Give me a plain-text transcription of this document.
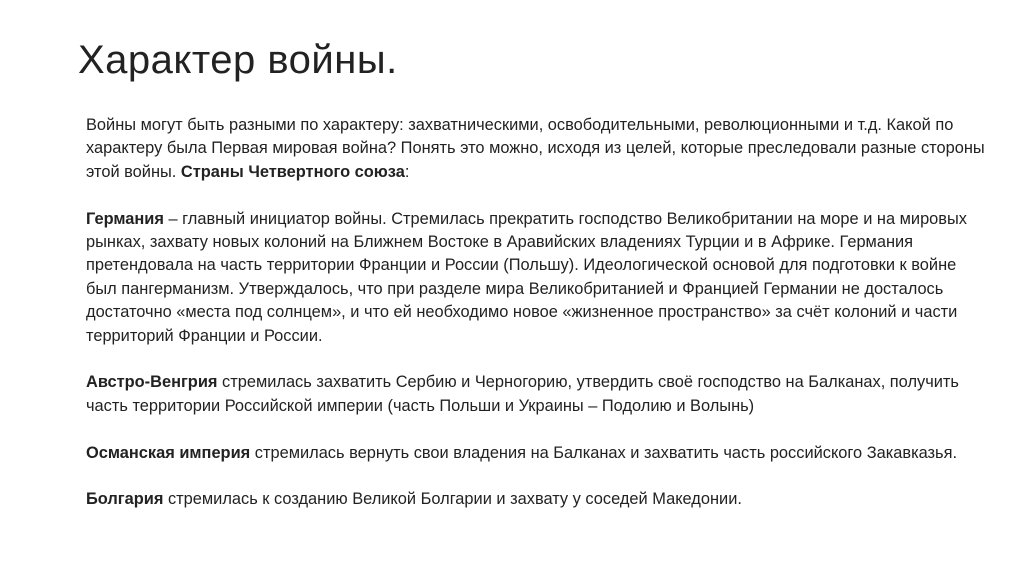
Характер войны.

Войны могут быть разными по характеру: захватническими, освободительными, революционными и т.д. Какой по характеру была Первая мировая война? Понять это можно, исходя из целей, которые преследовали разные стороны этой войны. Страны Четвертного союза:

Германия – главный инициатор войны. Стремилась прекратить господство Великобритании на море и на мировых рынках, захвату новых колоний на Ближнем Востоке в Аравийских владениях Турции и в Африке. Германия претендовала на часть территории Франции и России (Польшу). Идеологической основой для подготовки к войне был пангерманизм. Утверждалось, что при разделе мира Великобританией и Францией Германии не досталось достаточно «места под солнцем», и что ей необходимо новое «жизненное пространство» за счёт колоний и части территорий Франции и России.

Австро-Венгрия стремилась захватить Сербию и Черногорию, утвердить своё господство на Балканах, получить часть территории Российской империи (часть Польши и Украины – Подолию и Волынь)

Османская империя стремилась вернуть свои владения на Балканах и захватить часть российского Закавказья.

Болгария стремилась к созданию Великой Болгарии и захвату у соседей Македонии.
